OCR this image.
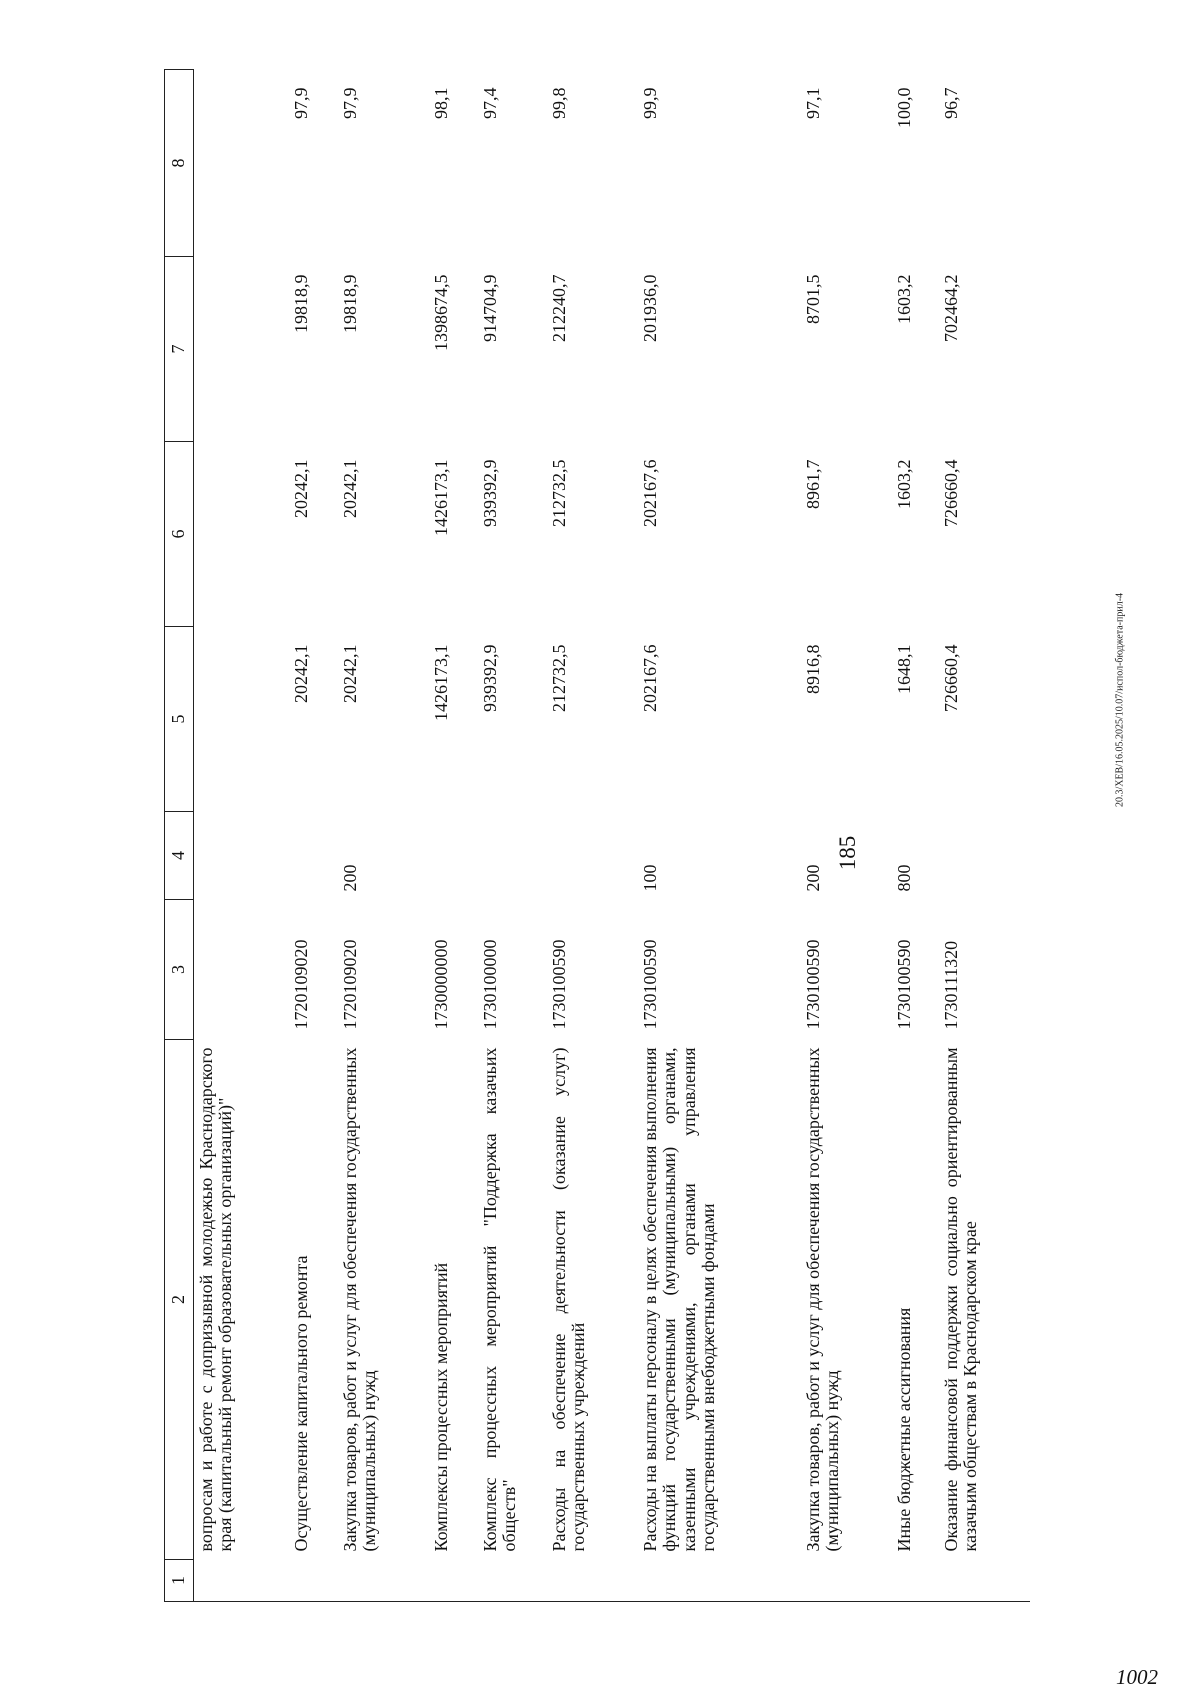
185
20.3/XEB/16.05.2025/10.07/испол-бюджета-прил-4
1002
1	2	3	4	5	6	7	8
	вопросам и работе с допризывной молодежью Краснодарского края (капитальный ремонт образовательных организаций)"						
	Осуществление капитального ремонта	1720109020		20242,1	20242,1	19818,9	97,9
	Закупка товаров, работ и услуг для обеспечения государственных (муниципальных) нужд	1720109020	200	20242,1	20242,1	19818,9	97,9
	Комплексы процессных мероприятий	1730000000		1426173,1	1426173,1	1398674,5	98,1
	Комплекс процессных мероприятий "Поддержка казачьих обществ"	1730100000		939392,9	939392,9	914704,9	97,4
	Расходы на обеспечение деятельности (оказание услуг) государственных учреждений	1730100590		212732,5	212732,5	212240,7	99,8
	Расходы на выплаты персоналу в целях обеспечения выполнения функций государственными (муниципальными) органами, казенными учреждениями, органами управления государственными внебюджетными фондами	1730100590	100	202167,6	202167,6	201936,0	99,9
	Закупка товаров, работ и услуг для обеспечения государственных (муниципальных) нужд	1730100590	200	8916,8	8961,7	8701,5	97,1
	Иные бюджетные ассигнования	1730100590	800	1648,1	1603,2	1603,2	100,0
	Оказание финансовой поддержки социально ориентированным казачьим обществам в Краснодарском крае	1730111320		726660,4	726660,4	702464,2	96,7
